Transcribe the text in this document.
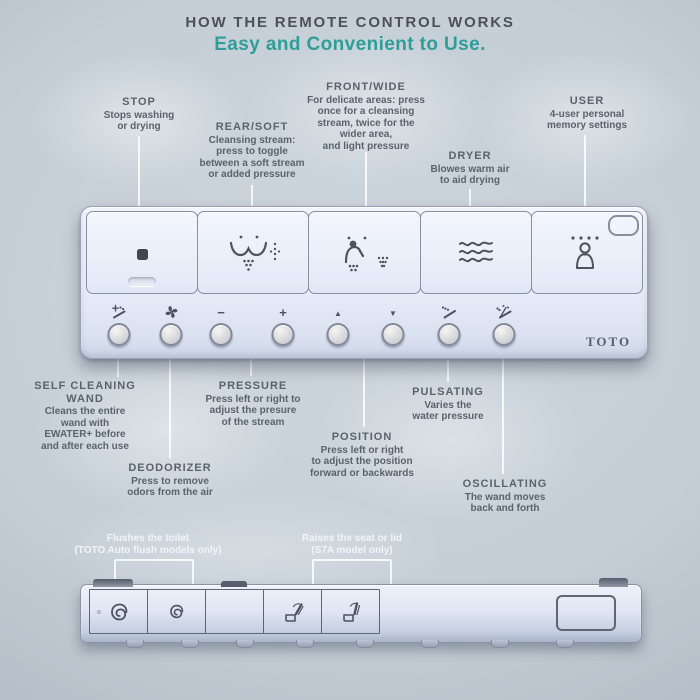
HOW THE REMOTE CONTROL WORKS
Easy and Convenient to Use.
STOP
Stops washing
or drying	REAR/SOFT
Cleansing stream:
press to toggle
between a soft stream
or added pressure
FRONT/WIDE
For delicate areas: press
once for a cleansing
stream, twice for the
wider area,
and light pressure
DRYER
Blowes warm air
to aid drying
USER
4-user personal
memory settings
SELF CLEANING WAND
Cleans the entire
wand with
EWATER+ before
and after each use
PRESSURE
Press left or right to
adjust the presure
of the stream
DEODORIZER
Press to remove
odors from the air
POSITION
Press left or right
to adjust the position
forward or backwards
PULSATING
Varies the
water pressure
OSCILLATING
The wand moves
back and forth
Flushes the toilet
(TOTO Auto flush models only)
Raises the seat or lid
(S7A model only)
−	+	▲	▼
TOTO
